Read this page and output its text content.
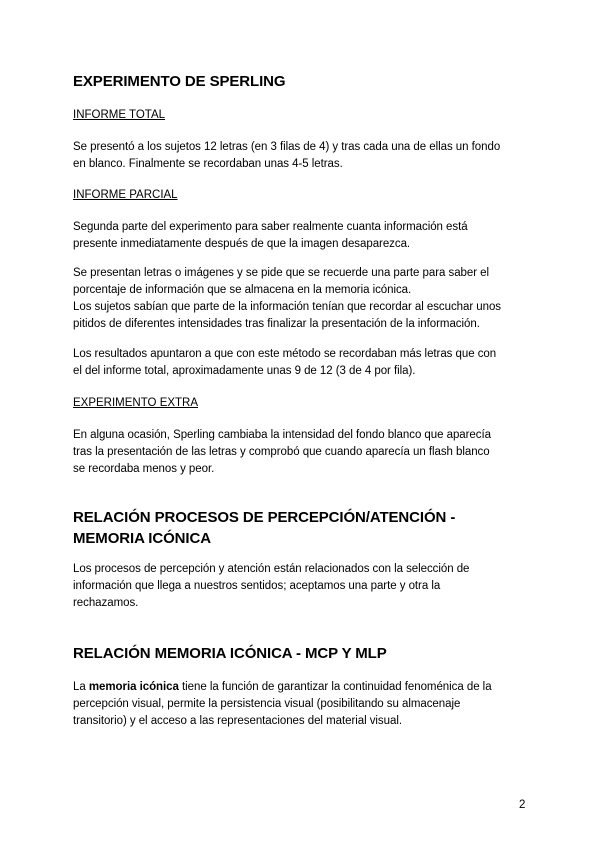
EXPERIMENTO DE SPERLING
INFORME TOTAL
Se presentó a los sujetos 12 letras (en 3 filas de 4) y tras cada una de ellas un fondo
en blanco. Finalmente se recordaban unas 4-5 letras.
INFORME PARCIAL
Segunda parte del experimento para saber realmente cuanta información está
presente inmediatamente después de que la imagen desaparezca.
Se presentan letras o imágenes y se pide que se recuerde una parte para saber el
porcentaje de información que se almacena en la memoria icónica.
Los sujetos sabían que parte de la información tenían que recordar al escuchar unos
pitidos de diferentes intensidades tras finalizar la presentación de la información.
Los resultados apuntaron a que con este método se recordaban más letras que con
el del informe total, aproximadamente unas 9 de 12 (3 de 4 por fila).
EXPERIMENTO EXTRA
En alguna ocasión, Sperling cambiaba la intensidad del fondo blanco que aparecía
tras la presentación de las letras y comprobó que cuando aparecía un flash blanco
se recordaba menos y peor.
RELACIÓN PROCESOS DE PERCEPCIÓN/ATENCIÓN -
MEMORIA ICÓNICA
Los procesos de percepción y atención están relacionados con la selección de
información que llega a nuestros sentidos; aceptamos una parte y otra la
rechazamos.
RELACIÓN MEMORIA ICÓNICA - MCP Y MLP
La memoria icónica tiene la función de garantizar la continuidad fenoménica de la
percepción visual, permite la persistencia visual (posibilitando su almacenaje
transitorio) y el acceso a las representaciones del material visual.
2
